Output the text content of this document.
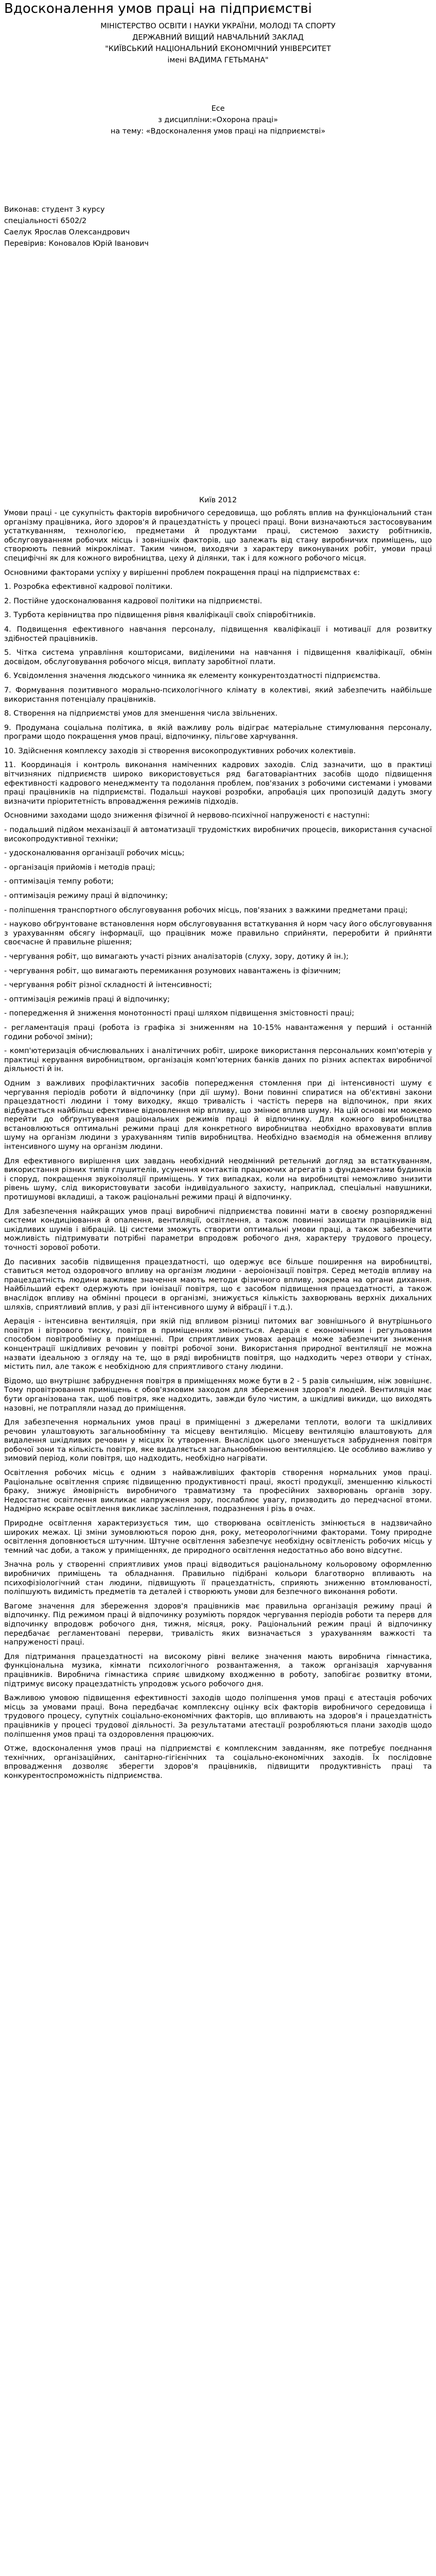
Вдосконалення умов праці на підприємстві
МІНІСТЕРСТВО ОСВІТИ І НАУКИ УКРАЇНИ, МОЛОДІ ТА СПОРТУ
ДЕРЖАВНИЙ ВИЩИЙ НАВЧАЛЬНИЙ ЗАКЛАД
"КИЇВСЬКИЙ НАЦІОНАЛЬНИЙ ЕКОНОМІЧНИЙ УНІВЕРСИТЕТ
імені ВАДИМА ГЕТЬМАНА"
Есе
з дисципліни:«Охорона праці»
на тему: «Вдосконалення умов праці на підприємстві»
Виконав: студент 3 курсу
спеціальності 6502/2
Саелук Ярослав Олександрович
Перевірив: Коновалов Юрій Іванович
Київ 2012

Умови праці - це сукупність факторів виробничого середовища, що роблять вплив на функціональний стан організму працівника, його здоров'я й працездатність у процесі праці. Вони визначаються застосовуваним устаткуванням, технологією, предметами й продуктами праці, системою захисту робітників, обслуговуванням робочих місць і зовнішніх факторів, що залежать від стану виробничих приміщень, що створюють певний мікроклімат. Таким чином, виходячи з характеру виконуваних робіт, умови праці специфічні як для кожного виробництва, цеху й ділянки, так і для кожного робочого місця.

Основними факторами успіху у вирішенні проблем покращення праці на підприємствах є:

1. Розробка ефективної кадрової політики.

2. Постійне удосконалювання кадрової політики на підприємстві.

3. Турбота керівництва про підвищення рівня кваліфікації своїх співробітників.

4. Подвищення ефективного навчання персоналу, підвищення кваліфікації і мотивації для розвитку здібностей працівників.

5. Чітка система управління кошторисами, виділеними на навчання і підвищення кваліфікації, обмін досвідом, обслуговування робочого місця, виплату заробітної плати.

6. Усвідомлення значення людського чинника як елементу конкурентоздатності підприємства.

7. Формування позитивного морально-психологічного клімату в колективі, який забезпечить найбільше використання потенціалу працівників.

8. Створення на підприємстві умов для зменшення числа звільнених.

9. Продумана соціальна політика, в якій важливу роль відіграє матеріальне стимулювання персоналу, програми щодо покращення умов праці, відпочинку, пільгове харчування.

10. Здійснення комплексу заходів зі створення високопродуктивних робочих колективів.

11. Координація і контроль виконання наміченних кадрових заходів. Слід зазначити, що в практиці вітчизняних підприємств широко використовується ряд багатоваріантних засобів щодо підвищення ефективності кадрового менеджменту та подолання проблем, пов'язаних з робочими системами і умовами праці працівників на підприємстві. Подальші наукові розробки, апробація цих пропозицій дадуть змогу визначити пріоритетність впровадження режимів підходів.

Основними заходами щодо зниження фізичної й нервово-психічної напруженості є наступні:

- подальший підйом механізації й автоматизації трудомістких виробничих процесів, використання сучасної високопродуктивної техніки;

- удосконалювання організації робочих місць;

- організація прийомів і методів праці;

- оптимізація темпу роботи;

- оптимізація режиму праці й відпочинку;

- поліпшення транспортного обслуговування робочих місць, пов'язаних з важкими предметами праці;

- науково обґрунтоване встановлення норм обслуговування встаткування й норм часу його обслуговування з урахуванням обсягу інформації, що працівник може правильно сприйняти, переробити й прийняти своєчасне й правильне рішення;

- чергування робіт, що вимагають участі різних аналізаторів (слуху, зору, дотику й ін.);

- чергування робіт, що вимагають перемикання розумових навантажень із фізичним;

- чергування робіт різної складності й інтенсивності;

- оптимізація режимів праці й відпочинку;

- попередження й зниження монотонності праці шляхом підвищення змістовності праці;

- регламентація праці (робота із графіка зі зниженням на 10-15% навантаження у перший і останній години робочої зміни);

- комп'ютеризація обчислювальних і аналітичних робіт, широке використання персональних комп'ютерів у практиці керування виробництвом, організація комп'ютерних банків даних по різних аспектах виробничої діяльності й ін.

Одним з важливих профілактичних засобів попередження стомлення при ді інтенсивності шуму є чергування періодів роботи й відпочинку (при дії шуму). Вони повинні спиратися на об'єктивні закони працездатності людини і тому виходку, якщо тривалість і частість перерв на відпочинок, при яких відбувається найбільш ефективне відновлення мір впливу, що змінює вплив шуму. На цій основі ми можемо перейти до обґрунтування раціональних режимів праці й відпочинку. Для кожного виробництва встановлюються оптимальні режими праці для конкретного виробництва необхідно враховувати вплив шуму на організм людини з урахуванням типів виробництва. Необхідно взаємодія на обмеження впливу інтенсивного шуму на організм людини.

Для ефективного вирішення цих завдань необхідний неодмінний ретельний догляд за встаткуванням, використання різних типів глушителів, усунення контактів працюючих агрегатів з фундаментами будинків і споруд, покращення звукоізоляції приміщень. У тих випадках, коли на виробництві неможливо знизити рівень шуму, слід використовувати засоби індивідуального захисту, наприклад, спеціальні навушники, протишумові вкладиші, а також раціональні режими праці й відпочинку.

Для забезпечення найкращих умов праці виробничі підприємства повинні мати в своєму розпорядженні системи кондиціювання й опалення, вентиляції, освітлення, а також повинні захищати працівників від шкідливих шумів і вібрацій. Ці системи зможуть створити оптимальні умови праці, а також забезпечити можливість підтримувати потрібні параметри впродовж робочого дня, характеру трудового процесу, точності зорової роботи.

До пасивних засобів підвищення працездатності, що одержує все більше поширення на виробництві, ставиться метод оздоровчого впливу на організм людини - аероіонізації повітря. Серед методів впливу на працездатність людини важливе значення мають методи фізичного впливу, зокрема на органи дихання. Найбільший ефект одержують при іонізації повітря, що є засобом підвищення працездатності, а також внаслідок впливу на обмінні процеси в організмі, знижується кількість захворювань верхніх дихальних шляхів, сприятливий вплив, у разі дії інтенсивного шуму й вібрації і т.д.).

Аерація - інтенсивна вентиляція, при якій під впливом різниці питомих ваг зовнішнього й внутрішнього повітря і вітрового тиску, повітря в приміщеннях змінюється. Аерація є економічним і регульованим способом повітрообміну в приміщенні. При сприятливих умовах аерація може забезпечити зниження концентрації шкідливих речовин у повітрі робочої зони. Використання природної вентиляції не можна назвати ідеальною з огляду на те, що в ряді виробництв повітря, що надходить через отвори у стінах, містить пил, але також є необхідною для сприятливого стану людини.

Відомо, що внутрішнє забруднення повітря в приміщеннях може бути в 2 - 5 разів сильнішим, ніж зовнішнє. Тому провітрювання приміщень є обов'язковим заходом для збереження здоров'я людей. Вентиляція має бути організована так, щоб повітря, яке надходить, завжди було чистим, а шкідливі викиди, що виходять назовні, не потрапляли назад до приміщення.

Для забезпечення нормальних умов праці в приміщенні з джерелами теплоти, вологи та шкідливих речовин улаштовують загальнообмінну та місцеву вентиляцію. Місцеву вентиляцію влаштовують для видалення шкідливих речовин у місцях їх утворення. Внаслідок цього зменшується забруднення повітря робочої зони та кількість повітря, яке видаляється загальнообмінною вентиляцією. Це особливо важливо у зимовий період, коли повітря, що надходить, необхідно нагрівати.

Освітлення робочих місць є одним з найважливіших факторів створення нормальних умов праці. Раціональне освітлення сприяє підвищенню продуктивності праці, якості продукції, зменшенню кількості браку, знижує ймовірність виробничого травматизму та професійних захворювань органів зору. Недостатнє освітлення викликає напруження зору, послаблює увагу, призводить до передчасної втоми. Надмірно яскраве освітлення викликає засліплення, подразнення і різь в очах.

Природне освітлення характеризується тим, що створювана освітленість змінюється в надзвичайно широких межах. Ці зміни зумовлюються порою дня, року, метеорологічними факторами. Тому природне освітлення доповнюється штучним. Штучне освітлення забезпечує необхідну освітленість робочих місць у темний час доби, а також у приміщеннях, де природного освітлення недостатньо або воно відсутнє.

Значна роль у створенні сприятливих умов праці відводиться раціональному кольоровому оформленню виробничих приміщень та обладнання. Правильно підібрані кольори благотворно впливають на психофізіологічний стан людини, підвищують її працездатність, сприяють зниженню втомлюваності, поліпшують видимість предметів та деталей і створюють умови для безпечного виконання роботи.

Вагоме значення для збереження здоров'я працівників має правильна організація режиму праці й відпочинку. Під режимом праці й відпочинку розуміють порядок чергування періодів роботи та перерв для відпочинку впродовж робочого дня, тижня, місяця, року. Раціональний режим праці й відпочинку передбачає регламентовані перерви, тривалість яких визначається з урахуванням важкості та напруженості праці.

Для підтримання працездатності на високому рівні велике значення мають виробнича гімнастика, функціональна музика, кімнати психологічного розвантаження, а також організація харчування працівників. Виробнича гімнастика сприяє швидкому входженню в роботу, запобігає розвитку втоми, підтримує високу працездатність упродовж усього робочого дня.

Важливою умовою підвищення ефективності заходів щодо поліпшення умов праці є атестація робочих місць за умовами праці. Вона передбачає комплексну оцінку всіх факторів виробничого середовища і трудового процесу, супутніх соціально-економічних факторів, що впливають на здоров'я і працездатність працівників у процесі трудової діяльності. За результатами атестації розробляються плани заходів щодо поліпшення умов праці та оздоровлення працюючих.

Отже, вдосконалення умов праці на підприємстві є комплексним завданням, яке потребує поєднання технічних, організаційних, санітарно-гігієнічних та соціально-економічних заходів. Їх послідовне впровадження дозволяє зберегти здоров'я працівників, підвищити продуктивність праці та конкурентоспроможність підприємства.
